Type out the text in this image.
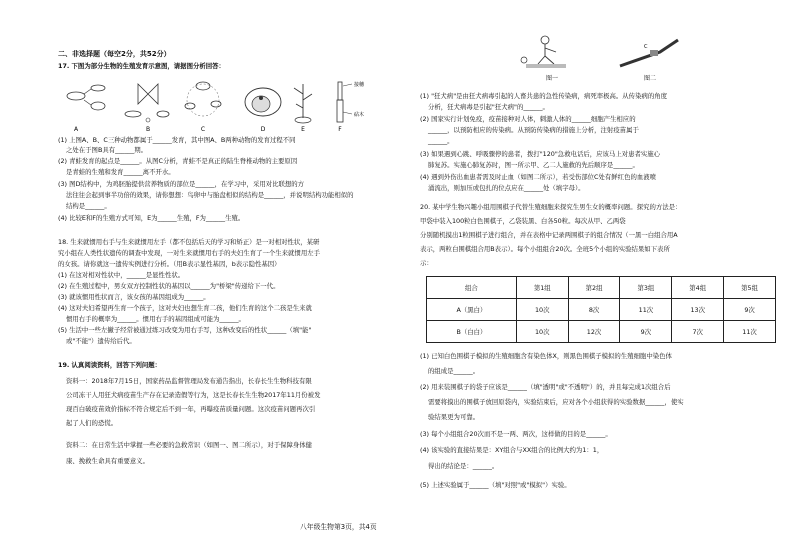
二、非选择题（每空2分，共52分）
17. 下图为部分生物的生殖发育示意图，请据图分析回答：
A	B	C	D	E	F
接穗
砧木
(1) 上图A、B、C三种动物都属于______发育，其中图A、B两种动物的发育过程不同
之处在于图B具有______期。
(2) 青蛙发育的起点是______。从图C分析，青蛙不是真正的陆生脊椎动物的主要原因
是青蛙的生殖和发育______离不开水。
(3) 图D结构中，为鸡胚胎提供营养物质的部位是______，在学习中，采用对比联想的方
法往往会起到事半功倍的效果，请你想想：鸟卵中与胎盘相似的结构是______，并说明结构功能相似的
结构是______。
(4) 比较E和F的生殖方式可知，E为______生殖，F为______生殖。
18. 生来就惯用右手与生来就惯用左手（都不包括后天的学习和矫正）是一对相对性状，某研
究小组在人类性状遗传的调查中发现，一对生来就惯用右手的夫妇生育了一个生来就惯用左手
的女孩。请你就这一遗传实例进行分析。（用B表示显性基因，b表示隐性基因）
(1) 在这对相对性状中，______是显性性状。
(2) 在生殖过程中，男女双方控制性状的基因以______为"桥梁"传递给下一代。
(3) 就该惯用性状而言，该女孩的基因组成为______。
(4) 这对夫妇希望再生育一个孩子，这对夫妇也想生育二孩，他们生育的这个二孩是生来就
惯用右手的概率为______。惯用右手的基因组成可能为______。
(5) 生活中一些左撇子经常被通过练习改变为用右手写，这种改变后的性状______（填"能"
或"不能"）遗传给后代。
19. 认真阅读资料，回答下列问题：
资料一：2018年7月15日，国家药品监督管理局发布通告指出，长春长生生物科技有限
公司冻干人用狂犬病疫苗生产存在记录造假等行为，这是长春长生生物2017年11月份被发
现百白破疫苗效价指标不符合规定后不到一年，再曝疫苗质量问题。这次疫苗问题再次引
起了人们的恐慌。
资料二：在日常生活中掌握一些必要的急救常识（如图一、图二所示），对于保障身体健
康、挽救生命具有重要意义。
八年级生物第3页，共4页
C
图一	图二
(1) "狂犬病"是由狂犬病毒引起的人畜共患的急性传染病，病死率极高。从传染病的角度
分析，狂犬病毒是引起"狂犬病"的______。
(2) 国家实行计划免疫，疫苗接种对人体，刺激人体的______细胞产生相应的
______，以预防相应的传染病。从预防传染病的措施上分析，注射疫苗属于
______。
(3) 如果遇到心跳、呼吸骤停的患者，拨打"120"急救电话后，应该马上对患者实施心
肺复苏。实施心肺复苏时，图一所示甲、乙二人施救的先后顺序是______。
(4) 遇到外伤出血患者需及时止血（如图二所示），若受伤部位C处有鲜红色的血液喷
涌流出，则加压或包扎的位点应在______处（填字母）。
20. 某中学生物兴趣小组用围棋子代替生殖细胞来探究生男生女的概率问题。探究的方法是：
甲袋中装入100粒白色围棋子，乙袋装黑、白各50粒。每次从甲、乙两袋
分别随机摸出1粒围棋子进行组合，并在表格中记录两围棋子的组合情况（一黑一白组合用A
表示，两粒白围棋组合用B表示）。每个小组组合20次。全班5个小组的实验结果如下表所
示：
组合	第1组	第2组	第3组	第4组	第5组
A（黑白）	10次	8次	11次	13次	9次
B（白白）	10次	12次	9次	7次	11次
(1) 已知白色围棋子模拟的生殖细胞含有染色体X，则黑色围棋子模拟的生殖细胞中染色体
的组成是______。
(2) 用来装围棋子的袋子应该是______（填"透明"或"不透明"）的，并且每完成1次组合后
需要将摸出的围棋子放回原袋内，实验结束后，应对各个小组获得的实验数据______，使实
验结果更为可靠。
(3) 每个小组组合20次而不是一两、两次，这样做的目的是______。
(4) 该实验的直接结果是：XY组合与XX组合的比例大约为1：1，
得出的结论是：______。
(5) 上述实验属于______（填"对照"或"模拟"）实验。
